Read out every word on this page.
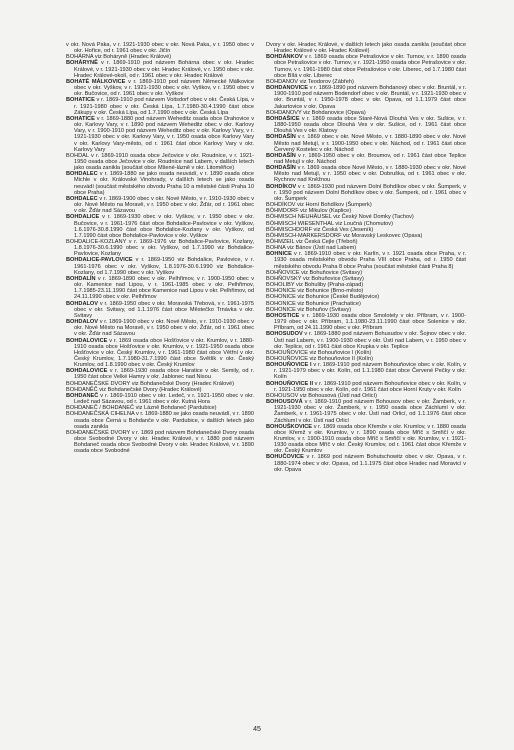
v okr. Nová Paka, v r. 1921-1930 obec v okr. Nová Paka, v r. 1950 obec v okr. Hořice, od r. 1961 obec v okr. Jičín

BOHÁRNA viz Bohárynĕ (Hradec Králové)

BOHÁRYNĚ v r. 1869-1910 pod názvem Bohárna obec v okr. Hradec Králové, v r. 1921-1930 obec v okr. Hradec Králové, v r. 1950 obec v okr. Hradec Králové-okolí, od r. 1961 obec v okr. Hradec Králové

BOHATÉ MÁLKOVICE v r. 1869-1910 pod názvem Německé Málkovice obec v okr. Vyškov, v r. 1921-1930 obec v okr. Vyškov, v r. 1950 obec v okr. Bučovice, od r. 1961 obec v okr. Vyškov

BOHATICE v r. 1869-1910 pod názvem Voitsdorf obec v okr. Česká Lípa, v r. 1921-1980 obec v okr. Česká Lípa, 1.7.1980-30.4.1990 část obce Zákupy v okr. Česká Lípa, od 1.7.1990 obec v okr. Česká Lípa

BOHATICE v r. 1869-1880 pod názvem Weheditz osada obce Drahovice v okr. Karlovy Vary, v r. 1890 pod názvem Weheditz obec v okr. Karlovy Vary, v r. 1900-1910 pod názvem Weheditz obec v okr. Karlovy Vary, v r. 1921-1930 obec v okr. Karlovy Vary, v r. 1950 osada obce Karlovy Vary v okr. Karlovy Vary-město, od r. 1961 část obce Karlovy Vary v okr. Karlovy Vary

BOHDAL v r. 1869-1910 osada obce Ječovice v okr. Roudnice, v r. 1921-1950 osada obce Ječovice v okr. Roudnice nad Labem, v dalších letech jako osada zanikla (součást obce Mšené-lázně v okr. Litoměřice)

BOHDALEC v r. 1869-1880 se jako osada neuvádí, v r. 1890 osada obce Michle v okr. Královské Vinohrady, v dalších letech se jako osada neuvádí (součást městského obvodu Praha 10 a městské části Praha 10 obce Praha)

BOHDALEC v r. 1869-1900 obec v okr. Nové Město, v r. 1910-1930 obec v okr. Nové Město na Moravě, v r. 1950 obec v okr. Žďár, od r. 1961 obec v okr. Žďár nad Sázavou

BOHDALICE v r. 1869-1930 obec v okr. Vyškov, v r. 1950 obec v okr. Bučovice, v r. 1961-1976 část obce Bohdalice-Pavlovice v okr. Vyškov, 1.6.1976-30.8.1990 část obce Bohdalice-Kozlany v okr. Vyškov, od 1.7.1990 část obce Bohdalice-Pavlovice v okr. Vyškov

BOHDALICE-KOZLANY v r. 1869-1976 viz Bohdalice-Pavlovice, Kozlany, 1.8.1976-30.6.1990 obec v okr. Vyškov, od 1.7.1990 viz Bohdalice-Pavlovice, Kozlany

BOHDALICE-PAVLOVICE v r. 1869-1950 viz Bohdalice, Pavlovice, v r. 1961-1976 obec v okr. Vyškov, 1.8.1976-30.6.1990 viz Bohdalice-Kozlany, od 1.7.1990 obec v okr. Vyškov

BOHDALÍN v r. 1869-1890 obec v okr. Pelhřimov, v r. 1900-1950 obec v okr. Kamenice nad Lipou, v r. 1961-1985 obec v okr. Pelhřimov, 1.7.1985-23.11.1990 část obce Kamenice nad Lipou v okr. Pelhřimov, od 24.11.1990 obec v okr. Pelhřimov

BOHDALOV v r. 1869-1950 obec v okr. Moravská Třebová, v r. 1961-1975 obec v okr. Svitavy, od 1.1.1976 část obce Městečko Trnávka v okr. Svitavy

BOHDALOV v r. 1869-1900 obec v okr. Nové Město, v r. 1910-1930 obec v okr. Nové Město na Moravě, v r. 1950 obec v okr. Žďár, od r. 1961 obec v okr. Žďár nad Sázavou

BOHDALOVICE v r. 1869 osada obce Hošťovice v okr. Krumlov, v r. 1880-1910 osada obce Hošťovice v okr. Krumlov, v r. 1921-1950 osada obce Hošťovice v okr. Český Krumlov, v r. 1961-1980 část obce Větřní v okr. Český Krumlov, 1.7.1980-31.7.1990 část obce Světlík v okr. Český Krumlov, od 1.8.1990 obec v okr. Český Krumlov

BOHDALOVICE v r. 1869-1930 osada obce Haratice v okr. Semily, od r. 1950 část obce Velké Hamry v okr. Jablonec nad Nisou

BOHDANEČSKÉ DVORY viz Bohdanečské Dvory (Hradec Králové)

BOHDANĚČ viz Bohdanečské Dvory (Hradec Králové)

BOHDANEČ v r. 1869-1910 obec v okr. Ledeč, v r. 1921-1950 obec v okr. Ledeč nad Sázavou, od r. 1961 obec v okr. Kutná Hora

BOHDANEČ / BOHDANEČ viz Lázně Bohdaneč (Pardubice)

BOHDANEČSKÁ CIHELNA v r. 1869-1880 se jako osada neuvádí, v r. 1890 osada obce Černá u Bohdanče v okr. Pardubice, v dalších letech jako osada zanikla

BOHDANEČSKÉ DVORY v r. 1869 pod názvem Bohdanečské Dvory osada obce Svobodné Dvory v okr. Hradec Králové, v r. 1880 pod názvem Bohdaneč osada obce Svobodné Dvory v okr. Hradec Králové, v r. 1890 osada obce Svobodné

Dvory v okr. Hradec Králové, v dalších letech jako osada zanikla (součást obce Hradec Králové v okr. Hradec Králové)

BOHDÁNKOV v r. 1869 osada obce Petrašovice v okr. Turnov, v r. 1890 osada obce Petrašovice v okr. Turnov, v r. 1921-1950 osada obce Petrašovice v okr. Turnov, v r. 1961-1980 část obce Petrašovice v okr. Liberec, od 1.7.1980 část obce Bílá v okr. Liberec

BOHDANOV viz Teodorov (Zábřeh)

BOHDANOVICE v r. 1869-1890 pod názvem Bohdanový obec v okr. Bruntál, v r. 1900-1910 pod názvem Bodendorf obec v okr. Bruntál, v r. 1921-1930 obec v okr. Bruntál, v r. 1950-1978 obec v okr. Opava, od 1.1.1979 část obce Jakartovice v okr. Opava

BOHDANOVY viz Bohdanovice (Opava)

BOHDAŠICE v r. 1869 osada obce Staré-Nová Dlouhá Ves v okr. Sušice, v r. 1880-1950 osada obce Dlouhá Ves v okr. Sušice, od r. 1961 část obce Dlouhá Ves v okr. Klatovy

BOHDAŠÍN v r. 1869 obec v okr. Nové Město, v r. 1880-1890 obec v okr. Nové Město nad Metují, v r. 1900-1950 obec v okr. Náchod, od r. 1961 část obce Červený Kostelec v okr. Náchod

BOHDAŠÍN v r. 1869-1950 obec v okr. Broumov, od r. 1961 část obce Teplice nad Metují v okr. Náchod

BOHDAŠÍN v r. 1869 osada obce Nové Město, v r. 1880-1930 obec v okr. Nové Město nad Metují, v r. 1950 obec v okr. Dobruška, od r. 1961 obec v okr. Rychnov nad Kněžnou

BOHDÍKOV v r. 1869-1930 pod názvem Dolní Bohdíkov obec v okr. Šumperk, v r. 1950 pod názvem Dolní Bohdíkov obec v okr. Šumperk, od r. 1961 obec v okr. Šumperk

BOHDÍKOV viz Horní Bohdíkov (Šumperk)

BÖHMDORF viz Mikulov (Kaplice)

BÖHMISCH NEUHÄUSEL viz Český Nové Domky (Tachov)

BÖHMISCH WIESENTHAL viz Loučná (Chomutov)

BÖHMISCHDORF viz Česká Ves (Jeseník)

BÖHMISCH-MARKERSDORF viz Moravský Leskovec (Opava)

BÖHMZEIL viz Česká Cejle (Třeboň)

BOHNA viz Bánov (Ústí nad Labem)

BOHNICE v r. 1869-1910 obec v okr. Karlín, v r. 1921 osada obce Praha, v r. 1930 osada městského obvodu Praha VIII obce Praha, od r. 1950 část městského obvodu Praha 8 obce Praha (součást městské části Praha 8)

BOHŇOVICE viz Bohuňovice (Svitavy)

BOHŇOVSKÝ viz Bohuňovice (Svitavy)

BOHOLIBY viz Bohuliby (Praha-západ)

BOHONICE viz Bohunice (Brno-město)

BOHONICE viz Bohunice (České Budějovice)

BOHONICE viz Bohunice (Prachatice)

BOHONICE viz Bohuňov (Svitavy)

BOHOSTICE v r. 1869-1930 osada obce Smolotely v okr. Příbram, v r. 1900-1979 obec v okr. Příbram, 1.1.1980-23.11.1990 část obce Solenice v okr. Příbram, od 24.11.1990 obec v okr. Příbram

BOHOSUDOV v r. 1869-1880 pod názvem Bohusudov v okr. Šojnov obec v okr. Ústí nad Labem, v r. 1900-1930 obec v okr. Ústí nad Labem, v r. 1950 obec v okr. Teplice, od r. 1961 část obce Krupka v okr. Teplice

BOHOUŇOVICE viz Bohouňovice I (Kolín)

BOHOUŇOVICE viz Bohouňovice II (Kolín)

BOHOUŇOVICE I v r. 1869-1910 pod názvem Bohouňovice obec v okr. Kolín, v r. 1921-1979 obec v okr. Kolín, od 1.1.1980 část obce Červené Pečky v okr. Kolín

BOHOUŇOVICE II v r. 1869-1910 pod názvem Bohouňovice obec v okr. Kolín, v r. 1921-1950 obec v okr. Kolín, od r. 1961 část obce Horní Kruty v okr. Kolín

BOHOUSOV viz Bohousová (Ústí nad Orlicí)

BOHOUSOVÁ v r. 1869-1910 pod názvem Bohousov obec v okr. Žamberk, v r. 1921-1930 obec v okr. Žamberk, v r. 1950 osada obce Záchlumí v okr. Žamberk, v r. 1961-1975 obec v okr. Ústí nad Orlicí, od 1.1.1976 část obce Záchlumí v okr. Ústí nad Orlicí

BOHOUŠKOVICE v r. 1869 osada obce Křemže v okr. Krumlov, v r. 1880 osada obce Křemž v okr. Krumlov, v r. 1890 osada obce Mříč s Smřičí v okr. Krumlov, v r. 1900-1910 osada obce Mříč s Smřičí v okr. Krumlov, v r. 1921-1930 osada obce Mříč v okr. Český Krumlov, od r. 1961 část obce Křemže v okr. Český Krumlov

BOHUČOVICE v r. 1869 pod názvem Bohutschowitz obec v okr. Opava, v r. 1880-1974 obec v okr. Opava, od 1.1.1975 část obce Hradec nad Moravicí v okr. Opava

45
